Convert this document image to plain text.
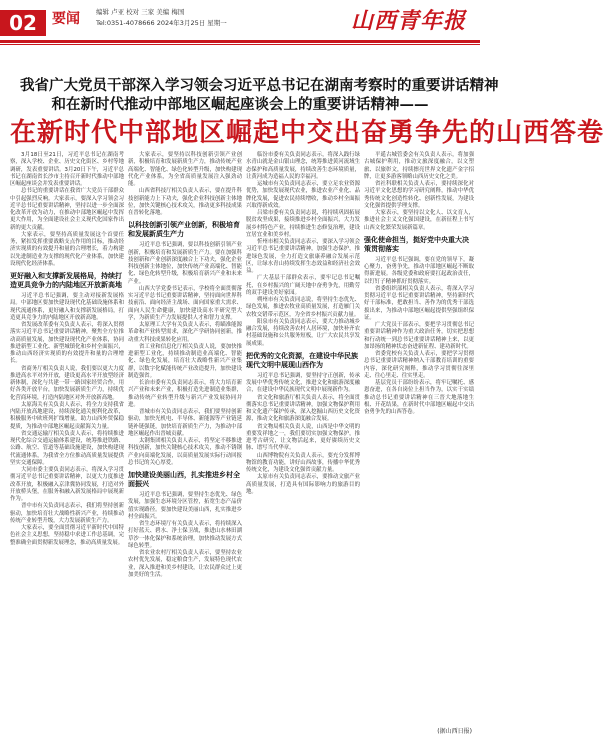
02	要闻 编辑 卢亚 校对 三家 美编 梅国
Tel:0351-4078666 2024年3月25日 星期一	山西青年报
我省广大党员干部深入学习领会习近平总书记在湖南考察时的重要讲话精神
和在新时代推动中部地区崛起座谈会上的重要讲话精神——
在新时代中部地区崛起中交出奋勇争先的山西答卷

3月18日至21日，习近平总书记在湖南考察，深入学校、企业、历史文化街区、乡村等地调研，发表重要讲话。3月20日下午，习近平总书记在湖南省长沙市主持召开新时代推动中部地区崛起座谈会并发表重要讲话。

总书记的重要讲话在我省广大党员干部群众中引起强烈反响。大家表示，要深入学习领会习近平总书记重要讲话精神，坚持以进一步全面深化改革开放为动力，在推动中部地区崛起中发挥更大作用，为全面建设社会主义现代化国家作出新的更大贡献。

大家表示，要坚持高质量发展这个首要任务，紧扣发挥重要战略支点作用的目标，推动经济实现质的有效提升和量的合理增长，着力构建以先进制造业为支撑的现代化产业体系，加快建设现代化经济体系。

更好融入和支撑新发展格局，持续打造更具竞争力的内陆地区开放新高地

习近平总书记强调，要主动对接新发展格局。中部地区要加快建设现代化基础设施体系和现代流通体系，更好融入和支撑新发展格局，打造更具竞争力的内陆地区开放新高地。

省发展改革委有关负责人表示，将深入贯彻落实习近平总书记重要讲话精神，聚焦全方位推动高质量发展，加快建设现代化产业体系，协同推进新型工业化、新型城镇化和乡村全面振兴，推动山西经济实现质的有效提升和量的合理增长。

省商务厅相关负责人说，我们要以更大力度推进高水平对外开放，建设更高水平开放型经济新体制，深化与共建一带一路国家经贸合作，用好各类开放平台，加快发展新质生产力，持续优化营商环境，打造内陆地区对外开放新高地。

太原海关有关负责人表示，将全力支持我省内陆开放高地建设，持续深化通关便利化改革，积极服务中欧班列扩线增量，助力山西外贸保稳提质，为推动中部地区崛起贡献海关力量。

省交通运输厅相关负责人表示，将持续推进现代化综合交通运输体系建设，统筹推进铁路、公路、航空、管道等基础设施建设，加快构建现代流通体系，为我省全方位推动高质量发展提供坚实交通保障。

大同市委主要负责同志表示，将深入学习贯彻习近平总书记重要讲话精神，以更大力度推进改革开放，积极融入京津冀协同发展，打造对外开放桥头堡，在服务和融入新发展格局中展现新作为。

晋中市有关负责同志表示，我们将坚持创新驱动，加快培育壮大战略性新兴产业，持续推动传统产业转型升级，大力发展新质生产力。

大家表示，要全面贯彻习近平新时代中国特色社会主义思想，坚持稳中求进工作总基调，完整准确全面贯彻新发展理念，推动高质量发展。

大家表示，要坚持以科技创新引领产业创新，积极培育和发展新质生产力，推动传统产业高端化、智能化、绿色化转型升级，加快构建现代化产业体系，为全省高质量发展注入强劲动能。

山西省科技厅相关负责人表示，要在提升科技创新能力上下功夫，强化企业科技创新主体地位，加快关键核心技术攻关，推动更多科技成果在晋转化落地。

以科技创新引领产业创新，积极培育和发展新质生产力

习近平总书记强调，要以科技创新引领产业创新，积极培育和发展新质生产力。要在加强科技创新和产业创新深度融合上下功夫，强化企业科技创新主体地位，加快传统产业高端化、智能化、绿色化转型升级，积极培育新兴产业和未来产业。

山西大学党委书记表示，学校将全面贯彻落实习近平总书记重要讲话精神，坚持面向世界科技前沿、面向经济主战场、面向国家重大需求、面向人民生命健康，加快建设高水平研究型大学，为新质生产力发展提供人才和智力支撑。

太原理工大学有关负责人表示，将瞄准能源革命和产业转型需求，深化产学研协同创新，推动重大科技成果转化应用。

省工业和信息化厅相关负责人说，要加快推进新型工业化，持续推动制造业高端化、智能化、绿色化发展，培育壮大战略性新兴产业集群，以数字化赋能传统产业改造提升，加快建设制造强省。

长治市委有关负责同志表示，将大力培育新兴产业和未来产业，积极打造先进制造业集群，推动传统产业转型升级与新兴产业发展协同并进。

晋城市有关负责同志表示，我们要坚持创新驱动，加快光机电、半导体、新能源等产业链延链补链强链，加快培育新质生产力，为推动中部地区崛起作出晋城贡献。

太钢集团相关负责人表示，将坚定不移推进科技创新，加快关键核心技术攻关，推动不锈钢产业向高端化发展，以高质量发展实际行动回报总书记的关心厚爱。

加快建设美丽山西，扎实推进乡村全面振兴

习近平总书记强调，要坚持生态优先、绿色发展，加强生态环境分区管控，拓宽生态产品价值实现路径。要加快建设美丽山西，扎实推进乡村全面振兴。

省生态环境厅有关负责人表示，将持续深入打好蓝天、碧水、净土保卫战，推进山水林田湖草沙一体化保护和系统治理，加快推动发展方式绿色转型。

省农业农村厅相关负责人表示，要坚持农业农村优先发展，稳定粮食生产，发展特色现代农业，深入推进和美乡村建设，让农民群众过上更加美好的生活。

临汾市委有关负责同志表示，将深入践行绿水青山就是金山银山理念，统筹推进黄河流域生态保护和高质量发展，持续改善生态环境质量，让黄河成为造福人民的幸福河。

运城市有关负责同志表示，要立足农业资源优势，加快发展现代农业，推进农业产业化、品牌化发展，促进农民持续增收，推动乡村全面振兴取得新成效。

吕梁市委有关负责同志说，将持续巩固拓展脱贫攻坚成果，接续推进乡村全面振兴，大力发展乡村特色产业，持续推进生态修复治理，建设宜居宜业和美乡村。

忻州市相关负责同志表示，要深入学习领会习近平总书记重要讲话精神，加强生态保护，推进绿色发展，全力打造文旅康养融合发展示范区，让绿水青山持续发挥生态效益和经济社会效益。

广大基层干部群众表示，要牢记总书记嘱托，在乡村振兴的广阔天地中奋勇争先，用勤劳的双手建设美好家园。

朔州市有关负责同志说，将坚持生态优先、绿色发展，推进农牧业高质量发展，打造雁门关农牧交错带示范区，为全省乡村振兴贡献力量。

阳泉市有关负责同志表示，要大力推动城乡融合发展，持续改善农村人居环境，加快补齐农村基础设施和公共服务短板，让广大农民共享发展成果。

把优秀的文化资源，在建设中华民族现代文明中展现山西作为

习近平总书记强调，要坚持守正创新，传承发展中华优秀传统文化，推进文化和旅游深度融合，在建设中华民族现代文明中展现新作为。

省文化和旅游厅相关负责人表示，将全面贯彻落实总书记重要讲话精神，加强文物保护利用和文化遗产保护传承，深入挖掘山西历史文化资源，推动文化和旅游深度融合发展。

省文物局相关负责人说，山西是中华文明的重要发祥地之一，我们要切实加强文物保护，推进考古研究，让文物活起来，更好赓续历史文脉、谱写当代华章。

山西博物院有关负责人表示，要充分发挥博物馆的教育功能，讲好山西故事，传播中华优秀传统文化，为建设文化强省贡献力量。

太原市有关负责同志表示，要推动文旅产业高质量发展，打造具有国际影响力的旅游目的地。

平遥古城管委会有关负责人表示，将加强古城保护利用，推动文旅深度融合，以文塑旅、以旅彰文，持续擦亮世界文化遗产金字招牌，让更多游客领略山西历史文化之美。

省社科联相关负责人表示，要持续深化对习近平文化思想的学习研究阐释，推动中华优秀传统文化创造性转化、创新性发展，为建设文化强省提供学理支撑。

大家表示，要坚持以文化人、以文育人，推进社会主义文化强国建设，在新征程上书写山西文化繁荣发展新篇章。

强化使命担当，挺好党中央重大决策贯彻落实

习近平总书记强调，要在党的领导下，凝心聚力，奋勇争先，推动中部地区崛起不断取得新进展。各级党委和政府要扛起政治责任，以钉钉子精神抓好贯彻落实。

省委组织部相关负责人表示，将深入学习贯彻习近平总书记重要讲话精神，坚持新时代好干部标准，把敢担当、善作为的优秀干部选拔出来，为推动中部地区崛起提供坚强组织保证。

广大党员干部表示，要把学习贯彻总书记重要讲话精神作为重大政治任务，切实把思想和行动统一到总书记重要讲话精神上来，以更加昂扬的精神状态奋进新征程、建功新时代。

省委党校有关负责人表示，要把学习贯彻总书记重要讲话精神纳入干部教育培训的重要内容，深化研究阐释，推动学习贯彻往深里走、往心里走、往实里走。

基层党员干部纷纷表示，将牢记嘱托、感恩奋进，在各自岗位上担当作为，以实干实绩推动总书记重要讲话精神在三晋大地落地生根、开花结果，在新时代中部地区崛起中交出奋勇争先的山西答卷。

(据山西日报)
